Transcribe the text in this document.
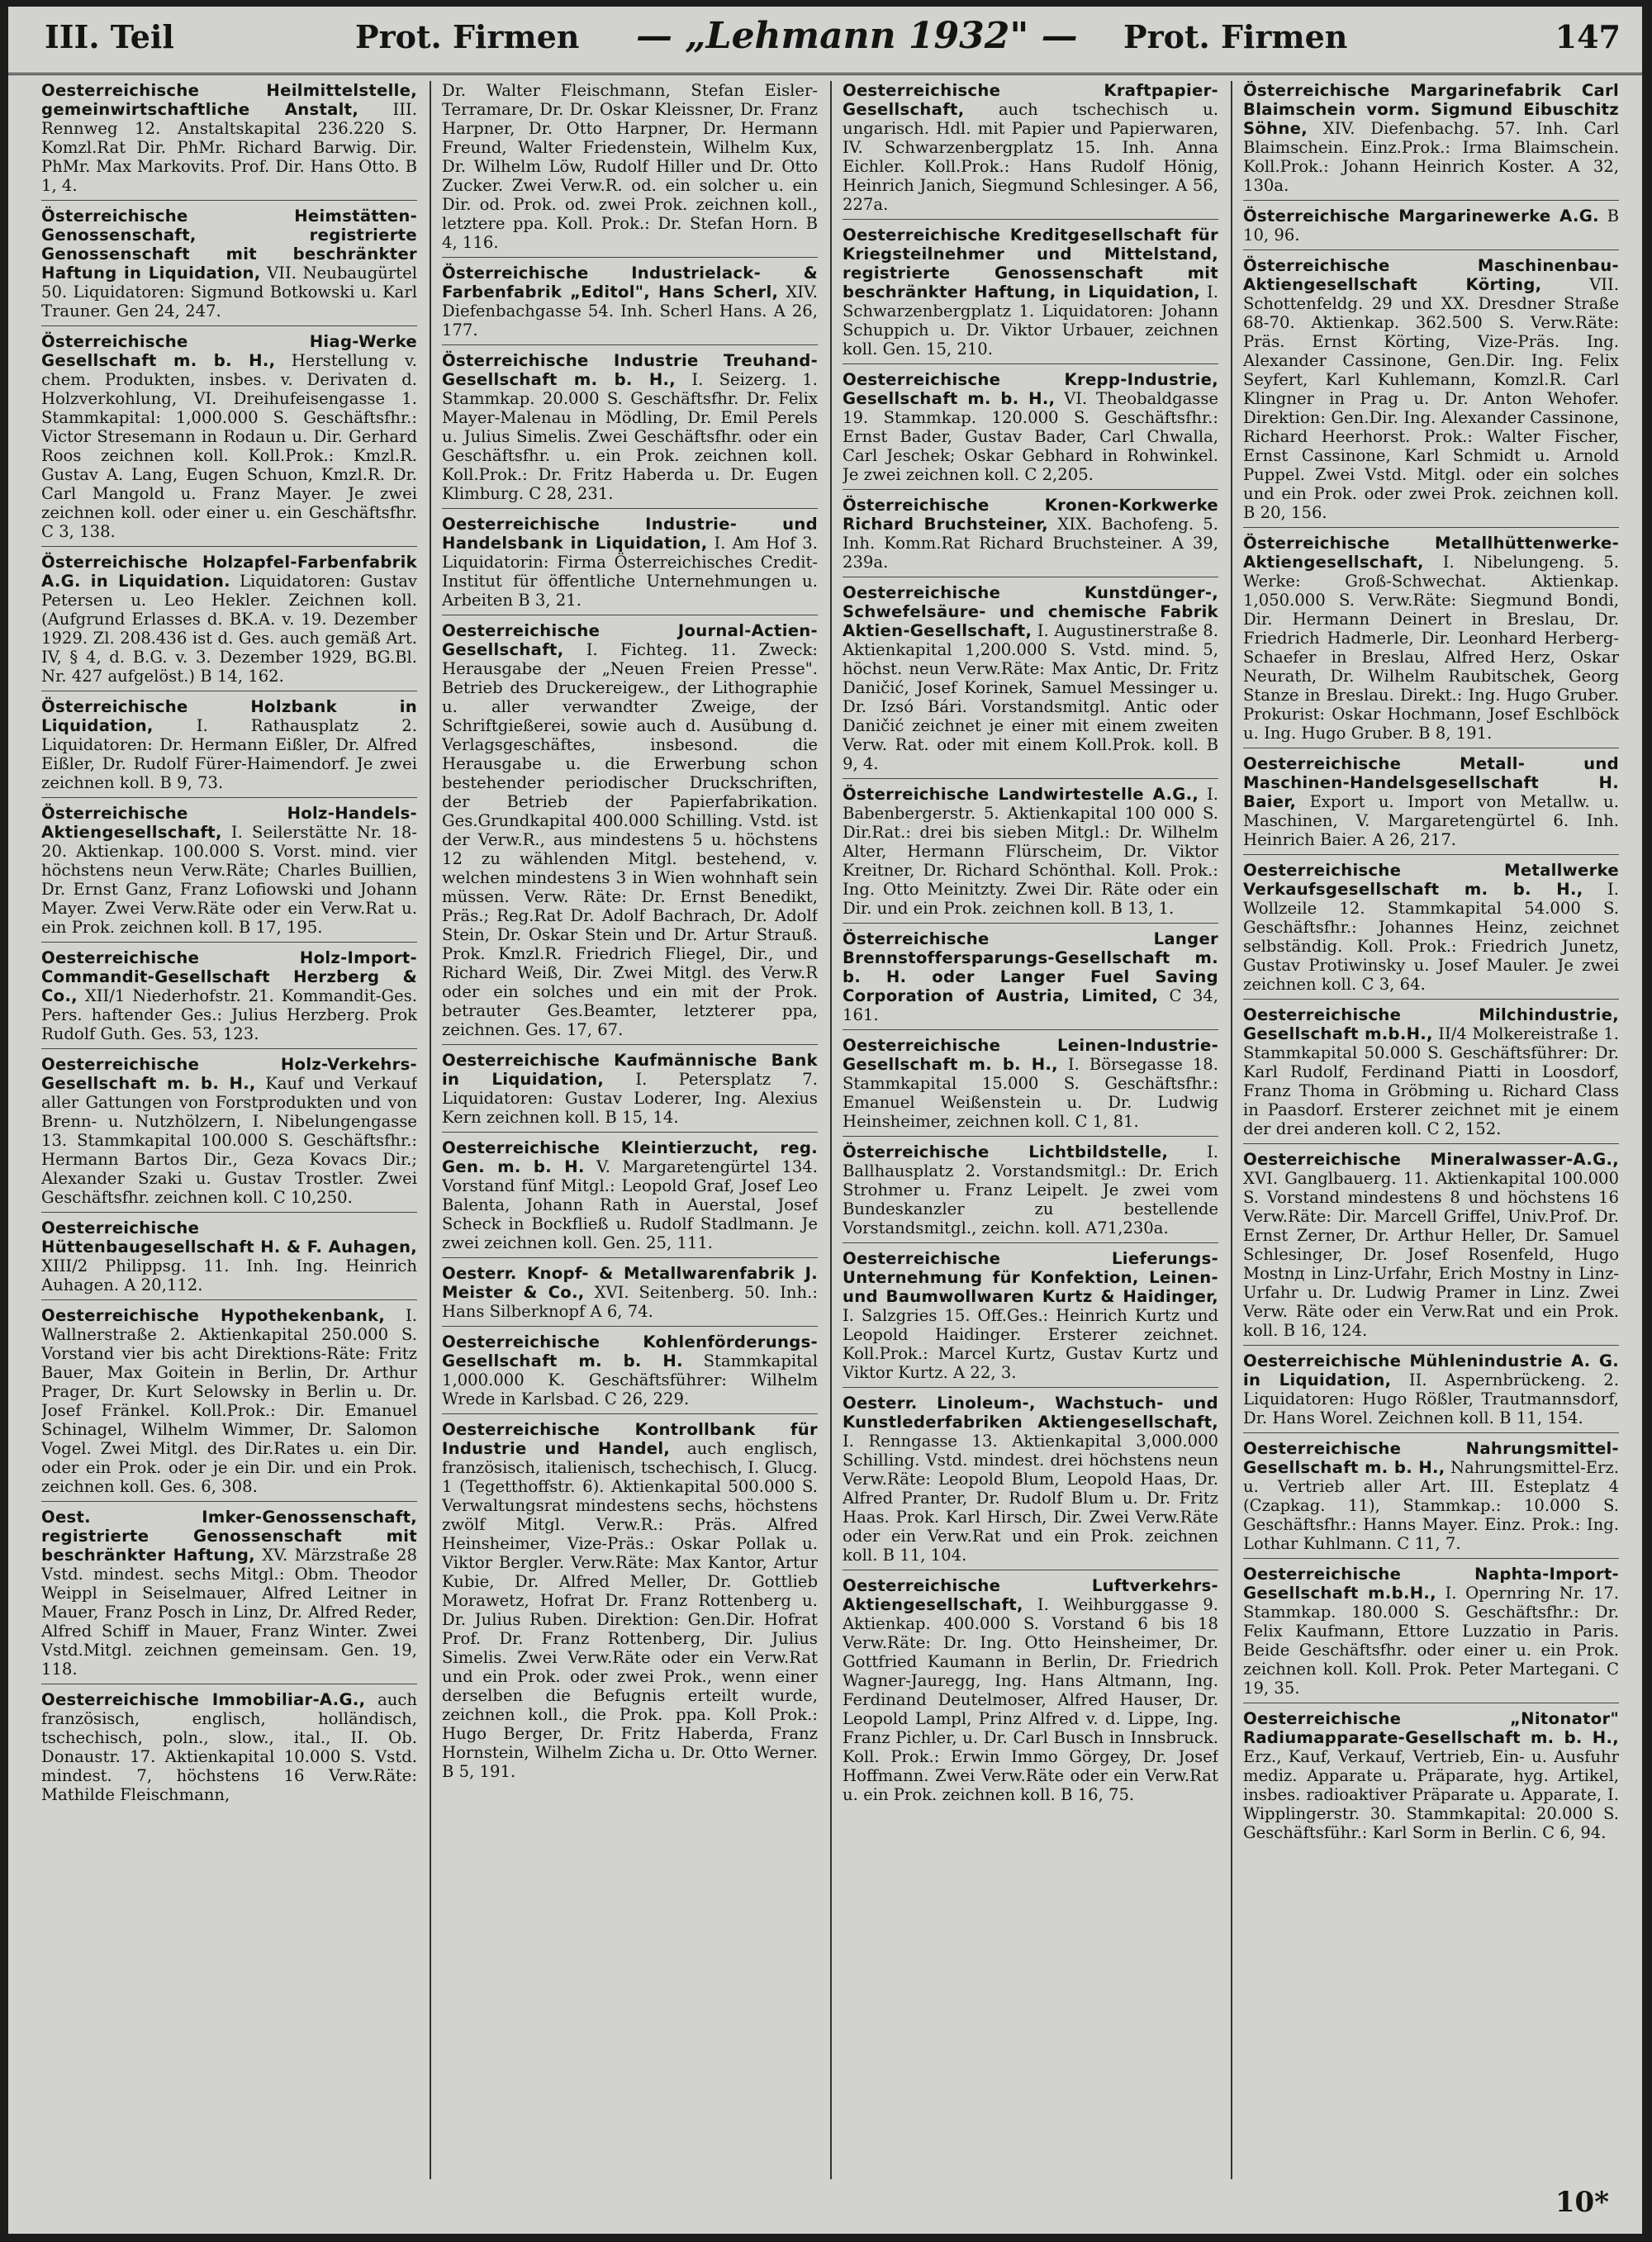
III. Teil	Prot. Firmen — „Lehmann 1932" — Prot. Firmen	147

Oesterreichische Heilmittelstelle, gemeinwirtschaftliche Anstalt, III. Rennweg 12. Anstaltskapital 236.220 S. Komzl.Rat Dir. PhMr. Richard Barwig. Dir. PhMr. Max Markovits. Prof. Dir. Hans Otto. B 1, 4.

Österreichische Heimstätten-Genossenschaft, registrierte Genossenschaft mit beschränkter Haftung in Liquidation, VII. Neubaugürtel 50. Liquidatoren: Sigmund Botkowski u. Karl Trauner. Gen 24, 247.

Österreichische Hiag-Werke Gesellschaft m. b. H., Herstellung v. chem. Produkten, insbes. v. Derivaten d. Holzverkohlung, VI. Dreihufeisengasse 1. Stammkapital: 1,000.000 S. Geschäftsfhr.: Victor Stresemann in Rodaun u. Dir. Gerhard Roos zeichnen koll. Koll.Prok.: Kmzl.R. Gustav A. Lang, Eugen Schuon, Kmzl.R. Dr. Carl Mangold u. Franz Mayer. Je zwei zeichnen koll. oder einer u. ein Geschäftsfhr. C 3, 138.

Österreichische Holzapfel-Farbenfabrik A.G. in Liquidation. Liquidatoren: Gustav Petersen u. Leo Hekler. Zeichnen koll. (Aufgrund Erlasses d. BK.A. v. 19. Dezember 1929. Zl. 208.436 ist d. Ges. auch gemäß Art. IV, § 4, d. B.G. v. 3. Dezember 1929, BG.Bl. Nr. 427 aufgelöst.) B 14, 162.

Österreichische Holzbank in Liquidation, I. Rathausplatz 2. Liquidatoren: Dr. Hermann Eißler, Dr. Alfred Eißler, Dr. Rudolf Fürer-Haimendorf. Je zwei zeichnen koll. B 9, 73.

Österreichische Holz-Handels-Aktiengesellschaft, I. Seilerstätte Nr. 18-20. Aktienkap. 100.000 S. Vorst. mind. vier höchstens neun Verw.Räte; Charles Buillien, Dr. Ernst Ganz, Franz Lofiowski und Johann Mayer. Zwei Verw.Räte oder ein Verw.Rat u. ein Prok. zeichnen koll. B 17, 195.

Oesterreichische Holz-Import-Commandit-Gesellschaft Herzberg & Co., XII/1 Niederhofstr. 21. Kommandit-Ges. Pers. haftender Ges.: Julius Herzberg. Prok Rudolf Guth. Ges. 53, 123.

Oesterreichische Holz-Verkehrs-Gesellschaft m. b. H., Kauf und Verkauf aller Gattungen von Forstprodukten und von Brenn- u. Nutzhölzern, I. Nibelungengasse 13. Stammkapital 100.000 S. Geschäftsfhr.: Hermann Bartos Dir., Geza Kovacs Dir.; Alexander Szaki u. Gustav Trostler. Zwei Geschäftsfhr. zeichnen koll. C 10,250.

Oesterreichische Hüttenbaugesellschaft H. & F. Auhagen, XIII/2 Philippsg. 11. Inh. Ing. Heinrich Auhagen. A 20,112.

Oesterreichische Hypothekenbank, I. Wallnerstraße 2. Aktienkapital 250.000 S. Vorstand vier bis acht Direktions-Räte: Fritz Bauer, Max Goitein in Berlin, Dr. Arthur Prager, Dr. Kurt Selowsky in Berlin u. Dr. Josef Fränkel. Koll.Prok.: Dir. Emanuel Schinagel, Wilhelm Wimmer, Dr. Salomon Vogel. Zwei Mitgl. des Dir.Rates u. ein Dir. oder ein Prok. oder je ein Dir. und ein Prok. zeichnen koll. Ges. 6, 308.

Oest. Imker-Genossenschaft, registrierte Genossenschaft mit beschränkter Haftung, XV. Märzstraße 28 Vstd. mindest. sechs Mitgl.: Obm. Theodor Weippl in Seiselmauer, Alfred Leitner in Mauer, Franz Posch in Linz, Dr. Alfred Reder, Alfred Schiff in Mauer, Franz Winter. Zwei Vstd.Mitgl. zeichnen gemeinsam. Gen. 19, 118.

Oesterreichische Immobiliar-A.G., auch französisch, englisch, holländisch, tschechisch, poln., slow., ital., II. Ob. Donaustr. 17. Aktienkapital 10.000 S. Vstd. mindest. 7, höchstens 16 Verw.Räte: Mathilde Fleischmann,

Dr. Walter Fleischmann, Stefan Eisler-Terramare, Dr. Dr. Oskar Kleissner, Dr. Franz Harpner, Dr. Otto Harpner, Dr. Hermann Freund, Walter Friedenstein, Wilhelm Kux, Dr. Wilhelm Löw, Rudolf Hiller und Dr. Otto Zucker. Zwei Verw.R. od. ein solcher u. ein Dir. od. Prok. od. zwei Prok. zeichnen koll., letztere ppa. Koll. Prok.: Dr. Stefan Horn. B 4, 116.

Österreichische Industrielack- & Farbenfabrik „Editol", Hans Scherl, XIV. Diefenbachgasse 54. Inh. Scherl Hans. A 26, 177.

Österreichische Industrie Treuhand-Gesellschaft m. b. H., I. Seizerg. 1. Stammkap. 20.000 S. Geschäftsfhr. Dr. Felix Mayer-Malenau in Mödling, Dr. Emil Perels u. Julius Simelis. Zwei Geschäftsfhr. oder ein Geschäftsfhr. u. ein Prok. zeichnen koll. Koll.Prok.: Dr. Fritz Haberda u. Dr. Eugen Klimburg. C 28, 231.

Oesterreichische Industrie- und Handelsbank in Liquidation, I. Am Hof 3. Liquidatorin: Firma Österreichisches Credit-Institut für öffentliche Unternehmungen u. Arbeiten B 3, 21.

Oesterreichische Journal-Actien-Gesellschaft, I. Fichteg. 11. Zweck: Herausgabe der „Neuen Freien Presse". Betrieb des Druckereigew., der Lithographie u. aller verwandter Zweige, der Schriftgießerei, sowie auch d. Ausübung d. Verlagsgeschäftes, insbesond. die Herausgabe u. die Erwerbung schon bestehender periodischer Druckschriften, der Betrieb der Papierfabrikation. Ges.Grundkapital 400.000 Schilling. Vstd. ist der Verw.R., aus mindestens 5 u. höchstens 12 zu wählenden Mitgl. bestehend, v. welchen mindestens 3 in Wien wohnhaft sein müssen. Verw. Räte: Dr. Ernst Benedikt, Präs.; Reg.Rat Dr. Adolf Bachrach, Dr. Adolf Stein, Dr. Oskar Stein und Dr. Artur Strauß. Prok. Kmzl.R. Friedrich Fliegel, Dir., und Richard Weiß, Dir. Zwei Mitgl. des Verw.R oder ein solches und ein mit der Prok. betrauter Ges.Beamter, letzterer ppa, zeichnen. Ges. 17, 67.

Oesterreichische Kaufmännische Bank in Liquidation, I. Petersplatz 7. Liquidatoren: Gustav Loderer, Ing. Alexius Kern zeichnen koll. B 15, 14.

Oesterreichische Kleintierzucht, reg. Gen. m. b. H. V. Margaretengürtel 134. Vorstand fünf Mitgl.: Leopold Graf, Josef Leo Balenta, Johann Rath in Auerstal, Josef Scheck in Bockfließ u. Rudolf Stadlmann. Je zwei zeichnen koll. Gen. 25, 111.

Oesterr. Knopf- & Metallwarenfabrik J. Meister & Co., XVI. Seitenberg. 50. Inh.: Hans Silberknopf A 6, 74.

Oesterreichische Kohlenförderungs-Gesellschaft m. b. H. Stammkapital 1,000.000 K. Geschäftsführer: Wilhelm Wrede in Karlsbad. C 26, 229.

Oesterreichische Kontrollbank für Industrie und Handel, auch englisch, französisch, italienisch, tschechisch, I. Glucg. 1 (Tegetthoffstr. 6). Aktienkapital 500.000 S. Verwaltungsrat mindestens sechs, höchstens zwölf Mitgl. Verw.R.: Präs. Alfred Heinsheimer, Vize-Präs.: Oskar Pollak u. Viktor Bergler. Verw.Räte: Max Kantor, Artur Kubie, Dr. Alfred Meller, Dr. Gottlieb Morawetz, Hofrat Dr. Franz Rottenberg u. Dr. Julius Ruben. Direktion: Gen.Dir. Hofrat Prof. Dr. Franz Rottenberg, Dir. Julius Simelis. Zwei Verw.Räte oder ein Verw.Rat und ein Prok. oder zwei Prok., wenn einer derselben die Befugnis erteilt wurde, zeichnen koll., die Prok. ppa. Koll Prok.: Hugo Berger, Dr. Fritz Haberda, Franz Hornstein, Wilhelm Zicha u. Dr. Otto Werner. B 5, 191.

Oesterreichische Kraftpapier-Gesellschaft, auch tschechisch u. ungarisch. Hdl. mit Papier und Papierwaren, IV. Schwarzenbergplatz 15. Inh. Anna Eichler. Koll.Prok.: Hans Rudolf Hönig, Heinrich Janich, Siegmund Schlesinger. A 56, 227a.

Oesterreichische Kreditgesellschaft für Kriegsteilnehmer und Mittelstand, registrierte Genossenschaft mit beschränkter Haftung, in Liquidation, I. Schwarzenbergplatz 1. Liquidatoren: Johann Schuppich u. Dr. Viktor Urbauer, zeichnen koll. Gen. 15, 210.

Oesterreichische Krepp-Industrie, Gesellschaft m. b. H., VI. Theobaldgasse 19. Stammkap. 120.000 S. Geschäftsfhr.: Ernst Bader, Gustav Bader, Carl Chwalla, Carl Jeschek; Oskar Gebhard in Rohwinkel. Je zwei zeichnen koll. C 2,205.

Österreichische Kronen-Korkwerke Richard Bruchsteiner, XIX. Bachofeng. 5. Inh. Komm.Rat Richard Bruchsteiner. A 39, 239a.

Oesterreichische Kunstdünger-, Schwefelsäure- und chemische Fabrik Aktien-Gesellschaft, I. Augustinerstraße 8. Aktienkapital 1,200.000 S. Vstd. mind. 5, höchst. neun Verw.Räte: Max Antic, Dr. Fritz Daničić, Josef Korinek, Samuel Messinger u. Dr. Izsó Bári. Vorstandsmitgl. Antic oder Daničić zeichnet je einer mit einem zweiten Verw. Rat. oder mit einem Koll.Prok. koll. B 9, 4.

Österreichische Landwirtestelle A.G., I. Babenbergerstr. 5. Aktienkapital 100 000 S. Dir.Rat.: drei bis sieben Mitgl.: Dr. Wilhelm Alter, Hermann Flürscheim, Dr. Viktor Kreitner, Dr. Richard Schönthal. Koll. Prok.: Ing. Otto Meinitzty. Zwei Dir. Räte oder ein Dir. und ein Prok. zeichnen koll. B 13, 1.

Österreichische Langer Brennstoffersparungs-Gesellschaft m. b. H. oder Langer Fuel Saving Corporation of Austria, Limited, C 34, 161.

Oesterreichische Leinen-Industrie-Gesellschaft m. b. H., I. Börsegasse 18. Stammkapital 15.000 S. Geschäftsfhr.: Emanuel Weißenstein u. Dr. Ludwig Heinsheimer, zeichnen koll. C 1, 81.

Österreichische Lichtbildstelle, I. Ballhausplatz 2. Vorstandsmitgl.: Dr. Erich Strohmer u. Franz Leipelt. Je zwei vom Bundeskanzler zu bestellende Vorstandsmitgl., zeichn. koll. A71,230a.

Oesterreichische Lieferungs-Unternehmung für Konfektion, Leinen- und Baumwollwaren Kurtz & Haidinger, I. Salzgries 15. Off.Ges.: Heinrich Kurtz und Leopold Haidinger. Ersterer zeichnet. Koll.Prok.: Marcel Kurtz, Gustav Kurtz und Viktor Kurtz. A 22, 3.

Oesterr. Linoleum-, Wachstuch- und Kunstlederfabriken Aktiengesellschaft, I. Renngasse 13. Aktienkapital 3,000.000 Schilling. Vstd. mindest. drei höchstens neun Verw.Räte: Leopold Blum, Leopold Haas, Dr. Alfred Pranter, Dr. Rudolf Blum u. Dr. Fritz Haas. Prok. Karl Hirsch, Dir. Zwei Verw.Räte oder ein Verw.Rat und ein Prok. zeichnen koll. B 11, 104.

Oesterreichische Luftverkehrs-Aktiengesellschaft, I. Weihburggasse 9. Aktienkap. 400.000 S. Vorstand 6 bis 18 Verw.Räte: Dr. Ing. Otto Heinsheimer, Dr. Gottfried Kaumann in Berlin, Dr. Friedrich Wagner-Jauregg, Ing. Hans Altmann, Ing. Ferdinand Deutelmoser, Alfred Hauser, Dr. Leopold Lampl, Prinz Alfred v. d. Lippe, Ing. Franz Pichler, u. Dr. Carl Busch in Innsbruck. Koll. Prok.: Erwin Immo Görgey, Dr. Josef Hoffmann. Zwei Verw.Räte oder ein Verw.Rat u. ein Prok. zeichnen koll. B 16, 75.

Österreichische Margarinefabrik Carl Blaimschein vorm. Sigmund Eibuschitz Söhne, XIV. Diefenbachg. 57. Inh. Carl Blaimschein. Einz.Prok.: Irma Blaimschein. Koll.Prok.: Johann Heinrich Koster. A 32, 130a.

Österreichische Margarinewerke A.G. B 10, 96.

Österreichische Maschinenbau-Aktiengesellschaft Körting, VII. Schottenfeldg. 29 und XX. Dresdner Straße 68-70. Aktienkap. 362.500 S. Verw.Räte: Präs. Ernst Körting, Vize-Präs. Ing. Alexander Cassinone, Gen.Dir. Ing. Felix Seyfert, Karl Kuhlemann, Komzl.R. Carl Klingner in Prag u. Dr. Anton Wehofer. Direktion: Gen.Dir. Ing. Alexander Cassinone, Richard Heerhorst. Prok.: Walter Fischer, Ernst Cassinone, Karl Schmidt u. Arnold Puppel. Zwei Vstd. Mitgl. oder ein solches und ein Prok. oder zwei Prok. zeichnen koll. B 20, 156.

Österreichische Metallhüttenwerke-Aktiengesellschaft, I. Nibelungeng. 5. Werke: Groß-Schwechat. Aktienkap. 1,050.000 S. Verw.Räte: Siegmund Bondi, Dir. Hermann Deinert in Breslau, Dr. Friedrich Hadmerle, Dir. Leonhard Herberg-Schaefer in Breslau, Alfred Herz, Oskar Neurath, Dr. Wilhelm Raubitschek, Georg Stanze in Breslau. Direkt.: Ing. Hugo Gruber. Prokurist: Oskar Hochmann, Josef Eschlböck u. Ing. Hugo Gruber. B 8, 191.

Oesterreichische Metall- und Maschinen-Handelsgesellschaft H. Baier, Export u. Import von Metallw. u. Maschinen, V. Margaretengürtel 6. Inh. Heinrich Baier. A 26, 217.

Oesterreichische Metallwerke Verkaufsgesellschaft m. b. H., I. Wollzeile 12. Stammkapital 54.000 S. Geschäftsfhr.: Johannes Heinz, zeichnet selbständig. Koll. Prok.: Friedrich Junetz, Gustav Protiwinsky u. Josef Mauler. Je zwei zeichnen koll. C 3, 64.

Oesterreichische Milchindustrie, Gesellschaft m.b.H., II/4 Molkereistraße 1. Stammkapital 50.000 S. Geschäftsführer: Dr. Karl Rudolf, Ferdinand Piatti in Loosdorf, Franz Thoma in Gröbming u. Richard Class in Paasdorf. Ersterer zeichnet mit je einem der drei anderen koll. C 2, 152.

Oesterreichische Mineralwasser-A.G., XVI. Ganglbauerg. 11. Aktienkapital 100.000 S. Vorstand mindestens 8 und höchstens 16 Verw.Räte: Dir. Marcell Griffel, Univ.Prof. Dr. Ernst Zerner, Dr. Arthur Heller, Dr. Samuel Schlesinger, Dr. Josef Rosenfeld, Hugo Mostnд in Linz-Urfahr, Erich Mostny in Linz-Urfahr u. Dr. Ludwig Pramer in Linz. Zwei Verw. Räte oder ein Verw.Rat und ein Prok. koll. B 16, 124.

Oesterreichische Mühlenindustrie A. G. in Liquidation, II. Aspernbrückeng. 2. Liquidatoren: Hugo Rößler, Trautmannsdorf, Dr. Hans Worel. Zeichnen koll. B 11, 154.

Oesterreichische Nahrungsmittel-Gesellschaft m. b. H., Nahrungsmittel-Erz. u. Vertrieb aller Art. III. Esteplatz 4 (Czapkag. 11), Stammkap.: 10.000 S. Geschäftsfhr.: Hanns Mayer. Einz. Prok.: Ing. Lothar Kuhlmann. C 11, 7.

Oesterreichische Naphta-Import-Gesellschaft m.b.H., I. Opernring Nr. 17. Stammkap. 180.000 S. Geschäftsfhr.: Dr. Felix Kaufmann, Ettore Luzzatio in Paris. Beide Geschäftsfhr. oder einer u. ein Prok. zeichnen koll. Koll. Prok. Peter Martegani. C 19, 35.

Oesterreichische „Nitonator" Radiumapparate-Gesellschaft m. b. H., Erz., Kauf, Verkauf, Vertrieb, Ein- u. Ausfuhr mediz. Apparate u. Präparate, hyg. Artikel, insbes. radioaktiver Präparate u. Apparate, I. Wipplingerstr. 30. Stammkapital: 20.000 S. Geschäftsführ.: Karl Sorm in Berlin. C 6, 94.

10*
